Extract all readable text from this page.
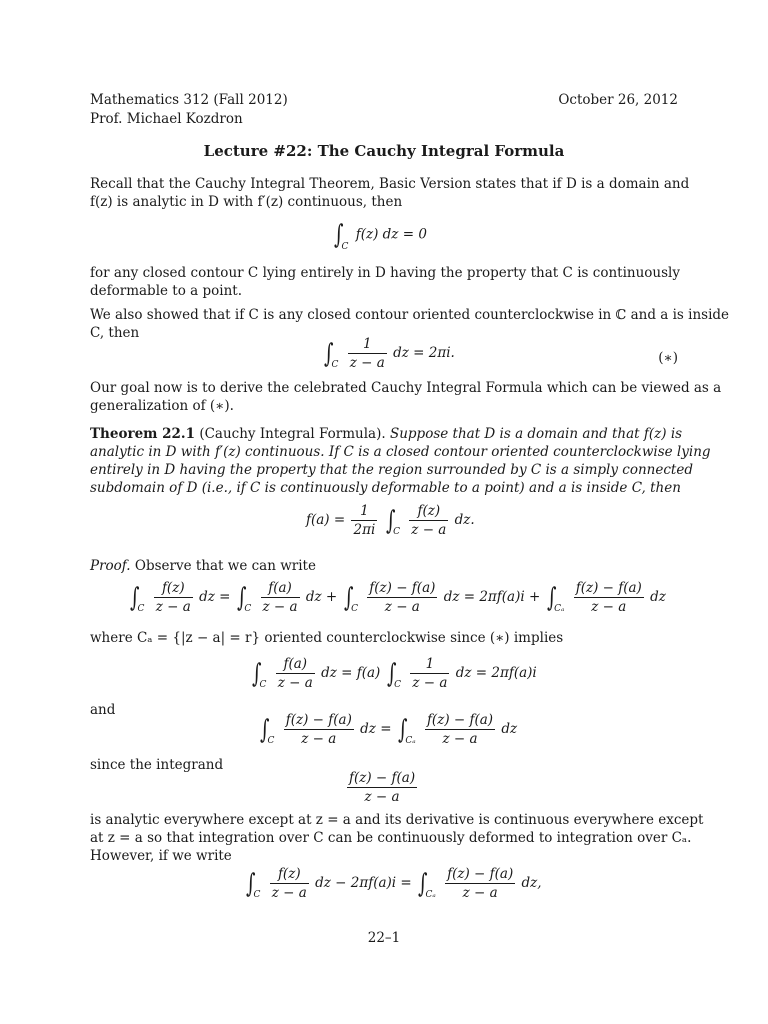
Mathematics 312 (Fall 2012)
Prof. Michael Kozdron
October 26, 2012
Lecture #22: The Cauchy Integral Formula
Recall that the Cauchy Integral Theorem, Basic Version states that if D is a domain and
f(z) is analytic in D with f′(z) continuous, then
$\int_C$ f(z) dz = 0
for any closed contour C lying entirely in D having the property that C is continuously
deformable to a point.
We also showed that if C is any closed contour oriented counterclockwise in ℂ and a is inside
C, then
$\int_C \frac{1}{z - a}$ dz = 2πi.	(∗)
Our goal now is to derive the celebrated Cauchy Integral Formula which can be viewed as a
generalization of (∗).
Theorem 22.1 (Cauchy Integral Formula). Suppose that D is a domain and that f(z) is
analytic in D with f′(z) continuous. If C is a closed contour oriented counterclockwise lying
entirely in D having the property that the region surrounded by C is a simply connected
subdomain of D (i.e., if C is continuously deformable to a point) and a is inside C, then
$f(a) = \frac{1}{2\pi i} \int_C \frac{f(z)}{z - a}$ dz.
Proof. Observe that we can write
$\int_C \frac{f(z)}{z - a}$ dz = $\int_C \frac{f(a)}{z - a}$ dz + $\int_C \frac{f(z) - f(a)}{z - a}$ dz = $2\pi f(a)i + \int_{C_a} \frac{f(z) - f(a)}{z - a}$ dz
where Cₐ = {|z − a| = r} oriented counterclockwise since (∗) implies
$\int_C \frac{f(a)}{z - a}$ dz = f(a) $\int_C \frac{1}{z - a}$ dz = 2πf(a)i
and
$\int_C \frac{f(z) - f(a)}{z - a}$ dz = $\int_{C_a} \frac{f(z) - f(a)}{z - a}$ dz
since the integrand
$\frac{f(z) - f(a)}{z - a}$
is analytic everywhere except at z = a and its derivative is continuous everywhere except
at z = a so that integration over C can be continuously deformed to integration over Cₐ.
However, if we write
$\int_C \frac{f(z)}{z - a}$ dz − $2\pi f(a)i = \int_{C_a} \frac{f(z) - f(a)}{z - a}$ dz,
22–1
